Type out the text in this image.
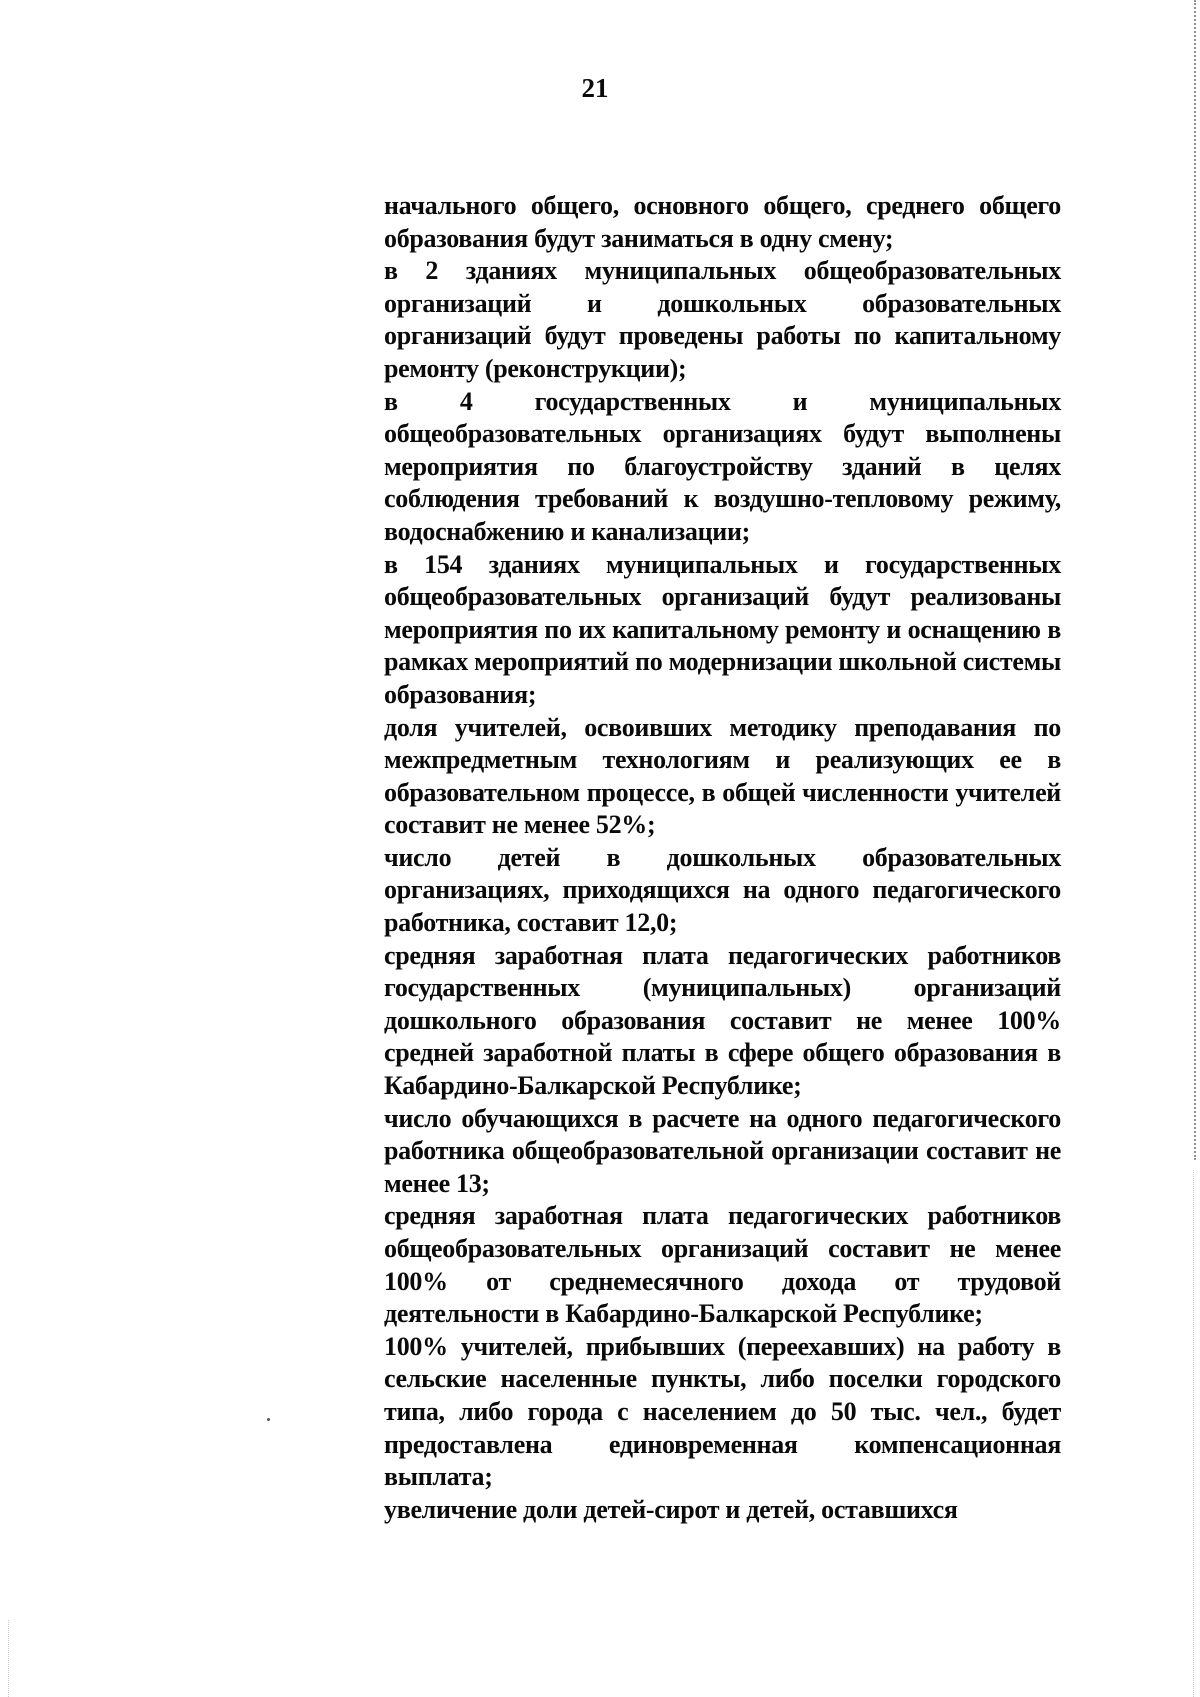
21

начального общего, основного общего, среднего общего образования будут заниматься в одну смену;

в 2 зданиях муниципальных общеобразовательных организаций и дошкольных образовательных организаций будут проведены работы по капитальному ремонту (реконструкции);

в 4 государственных и муниципальных общеобразовательных организациях будут выполнены мероприятия по благоустройству зданий в целях соблюдения требований к воздушно-тепловому режиму, водоснабжению и канализации;

в 154 зданиях муниципальных и государственных общеобразовательных организаций будут реализованы мероприятия по их капитальному ремонту и оснащению в рамках мероприятий по модернизации школьной системы образования;

доля учителей, освоивших методику преподавания по межпредметным технологиям и реализующих ее в образовательном процессе, в общей численности учителей составит не менее 52%;

число детей в дошкольных образовательных организациях, приходящихся на одного педагогического работника, составит 12,0;

средняя заработная плата педагогических работников государственных (муниципальных) организаций дошкольного образования составит не менее 100% средней заработной платы в сфере общего образования в Кабардино-Балкарской Республике;

число обучающихся в расчете на одного педагогического работника общеобразовательной организации составит не менее 13;

средняя заработная плата педагогических работников общеобразовательных организаций составит не менее 100% от среднемесячного дохода от трудовой деятельности в Кабардино-Балкарской Республике;

100% учителей, прибывших (переехавших) на работу в сельские населенные пункты, либо поселки городского типа, либо города с населением до 50 тыс. чел., будет предоставлена единовременная компенсационная выплата;

увеличение доли детей-сирот и детей, оставшихся
